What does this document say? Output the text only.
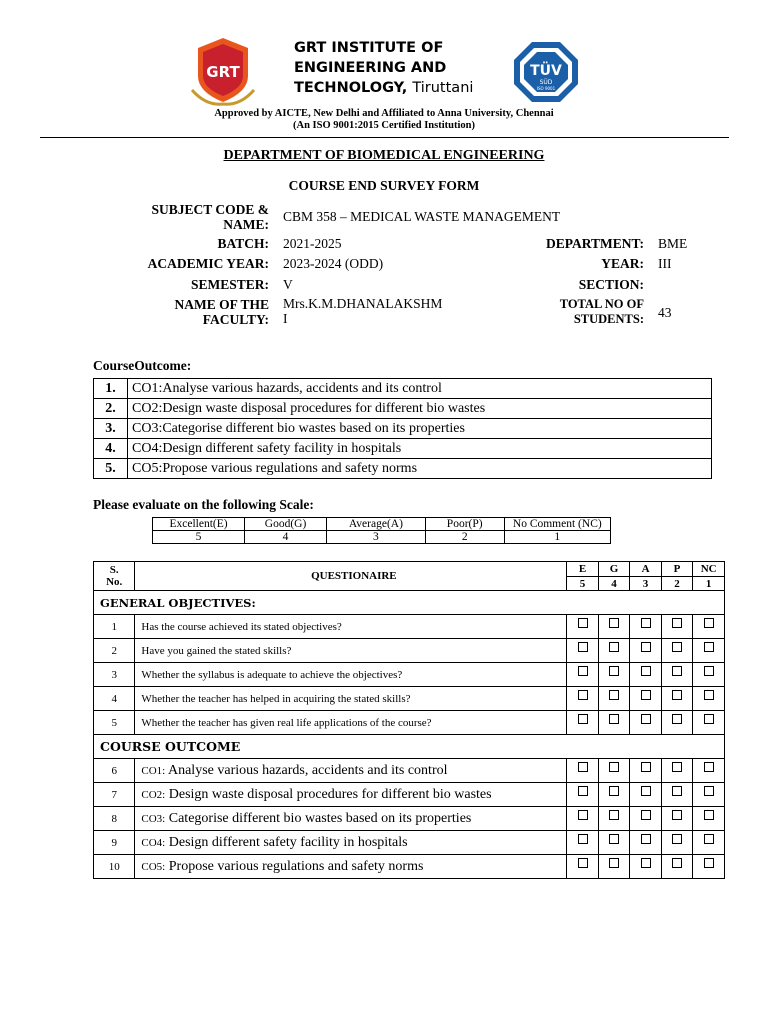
GRT
GRT INSTITUTE OF
ENGINEERING AND
TECHNOLOGY, Tiruttani
TÜV
SÜD
ISO 9001
Approved by AICTE, New Delhi and Affiliated to Anna University, Chennai
(An ISO 9001:2015 Certified Institution)
DEPARTMENT OF BIOMEDICAL ENGINEERING
COURSE END SURVEY FORM
SUBJECT CODE &
NAME:
CBM 358 – MEDICAL WASTE MANAGEMENT
BATCH: 2021-2025	DEPARTMENT: BME
ACADEMIC YEAR: 2023-2024 (ODD)	YEAR: III
SEMESTER: V	SECTION:
NAME OF THE
FACULTY:
Mrs.K.M.DHANALAKSHM
I
TOTAL NO OF
STUDENTS: 43
CourseOutcome:
1.	CO1:Analyse various hazards, accidents and its control
2.	CO2:Design waste disposal procedures for different bio wastes
3.	CO3:Categorise different bio wastes based on its properties
4.	CO4:Design different safety facility in hospitals
5.	CO5:Propose various regulations and safety norms
Please evaluate on the following Scale:
Excellent(E)	Good(G)	Average(A)	Poor(P)	No Comment (NC)
5	4	3	2	1
S.
No.	QUESTIONAIRE	E	G	A	P	NC
		5	4	3	2	1
GENERAL OBJECTIVES:						
1	Has the course achieved its stated objectives?					
2	Have you gained the stated skills?					
3	Whether the syllabus is adequate to achieve the objectives?					
4	Whether the teacher has helped in acquiring the stated skills?					
5	Whether the teacher has given real life applications of the course?					
COURSE OUTCOME						
6	CO1: Analyse various hazards, accidents and its control					
7	CO2: Design waste disposal procedures for different bio wastes					
8	CO3: Categorise different bio wastes based on its properties					
9	CO4: Design different safety facility in hospitals					
10	CO5: Propose various regulations and safety norms					
